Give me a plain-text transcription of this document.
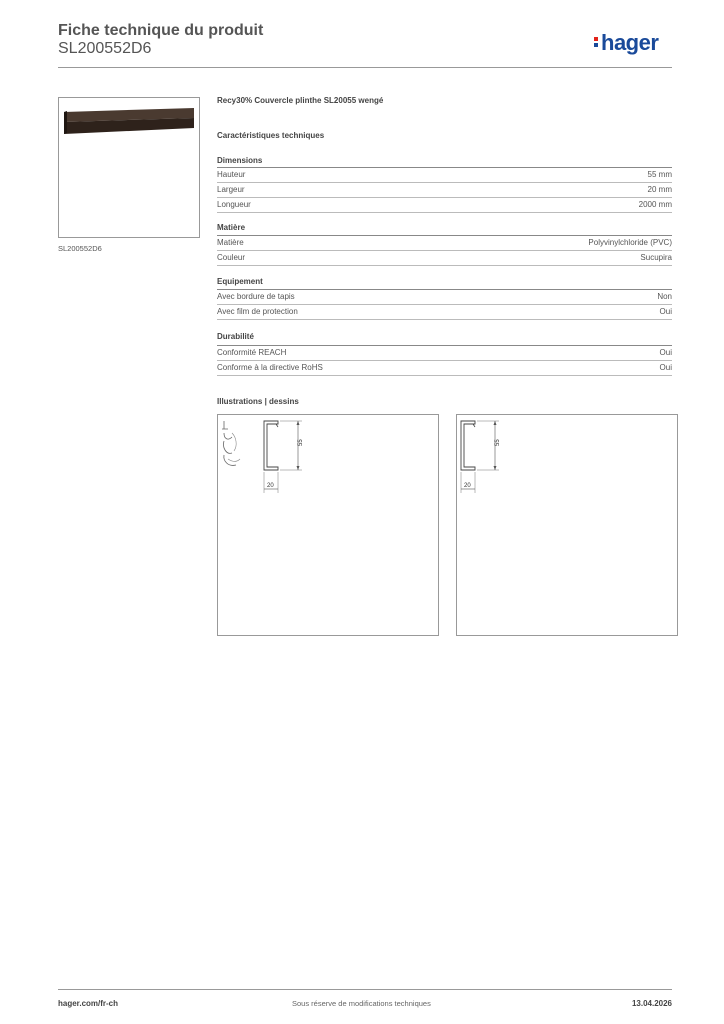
Fiche technique du produit
SL200552D6	hager
SL200552D6
Recy30% Couvercle plinthe SL20055 wengé
Caractéristiques techniques
Dimensions
Hauteur	55 mm
Largeur	20 mm
Longueur	2000 mm
Matière
Matière	Polyvinylchloride (PVC)
Couleur	Sucupira
Equipement
Avec bordure de tapis	Non
Avec film de protection	Oui
Durabilité
Conformité REACH	Oui
Conforme à la directive RoHS	Oui
Illustrations | dessins
55
20
55
20
hager.com/fr-ch	Sous réserve de modifications techniques	13.04.2026
